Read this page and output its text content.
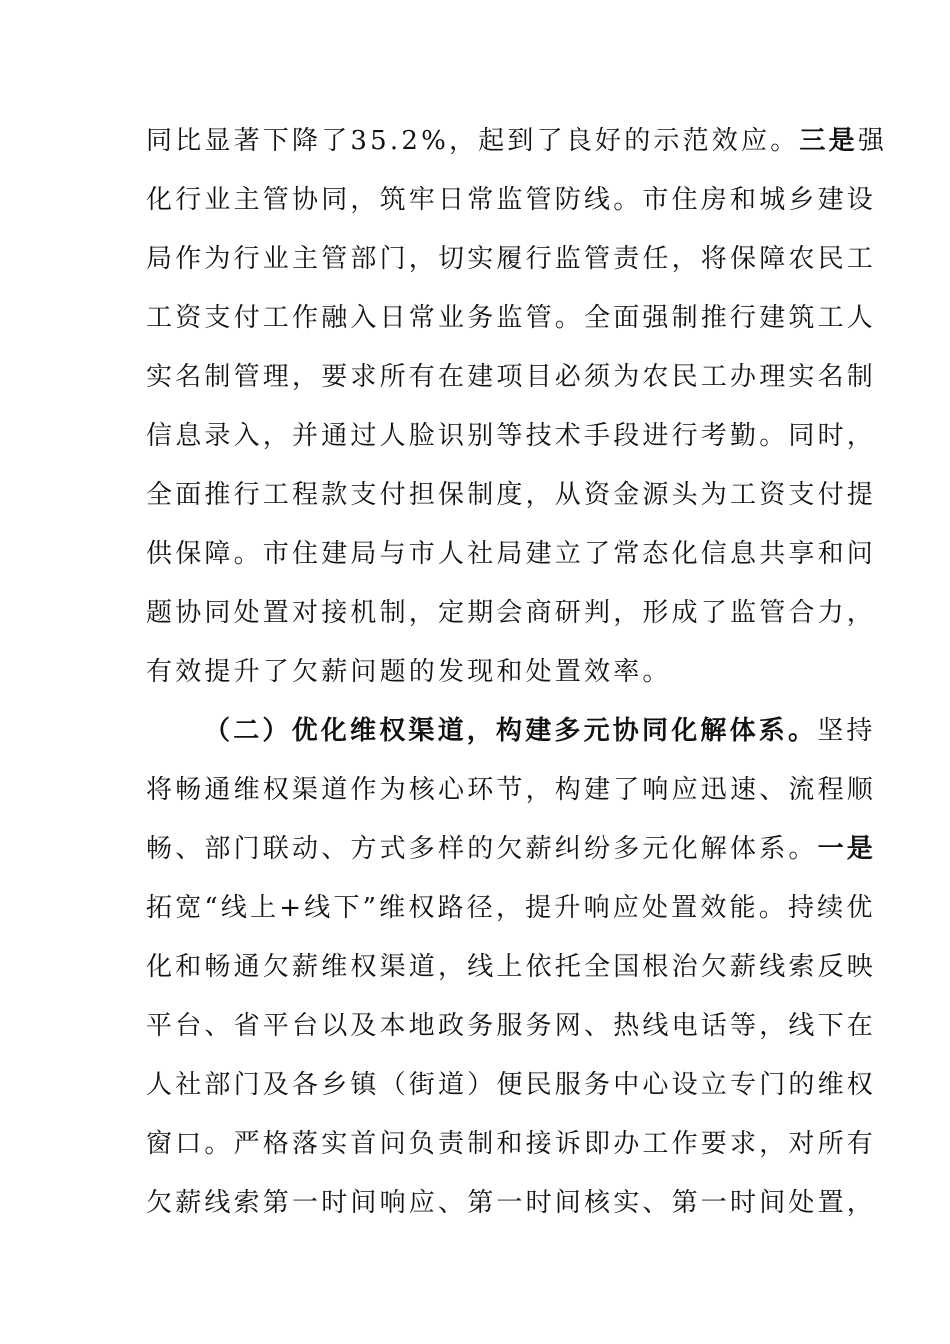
同比显著下降了35.2%，起到了良好的示范效应。三是强
化行业主管协同，筑牢日常监管防线。市住房和城乡建设
局作为行业主管部门，切实履行监管责任，将保障农民工
工资支付工作融入日常业务监管。全面强制推行建筑工人
实名制管理，要求所有在建项目必须为农民工办理实名制
信息录入，并通过人脸识别等技术手段进行考勤。同时，
全面推行工程款支付担保制度，从资金源头为工资支付提
供保障。市住建局与市人社局建立了常态化信息共享和问
题协同处置对接机制，定期会商研判，形成了监管合力，
有效提升了欠薪问题的发现和处置效率。
（二）优化维权渠道，构建多元协同化解体系。坚持
将畅通维权渠道作为核心环节，构建了响应迅速、流程顺
畅、部门联动、方式多样的欠薪纠纷多元化解体系。一是
拓宽“线上+线下”维权路径，提升响应处置效能。持续优
化和畅通欠薪维权渠道，线上依托全国根治欠薪线索反映
平台、省平台以及本地政务服务网、热线电话等，线下在
人社部门及各乡镇（街道）便民服务中心设立专门的维权
窗口。严格落实首问负责制和接诉即办工作要求，对所有
欠薪线索第一时间响应、第一时间核实、第一时间处置，
